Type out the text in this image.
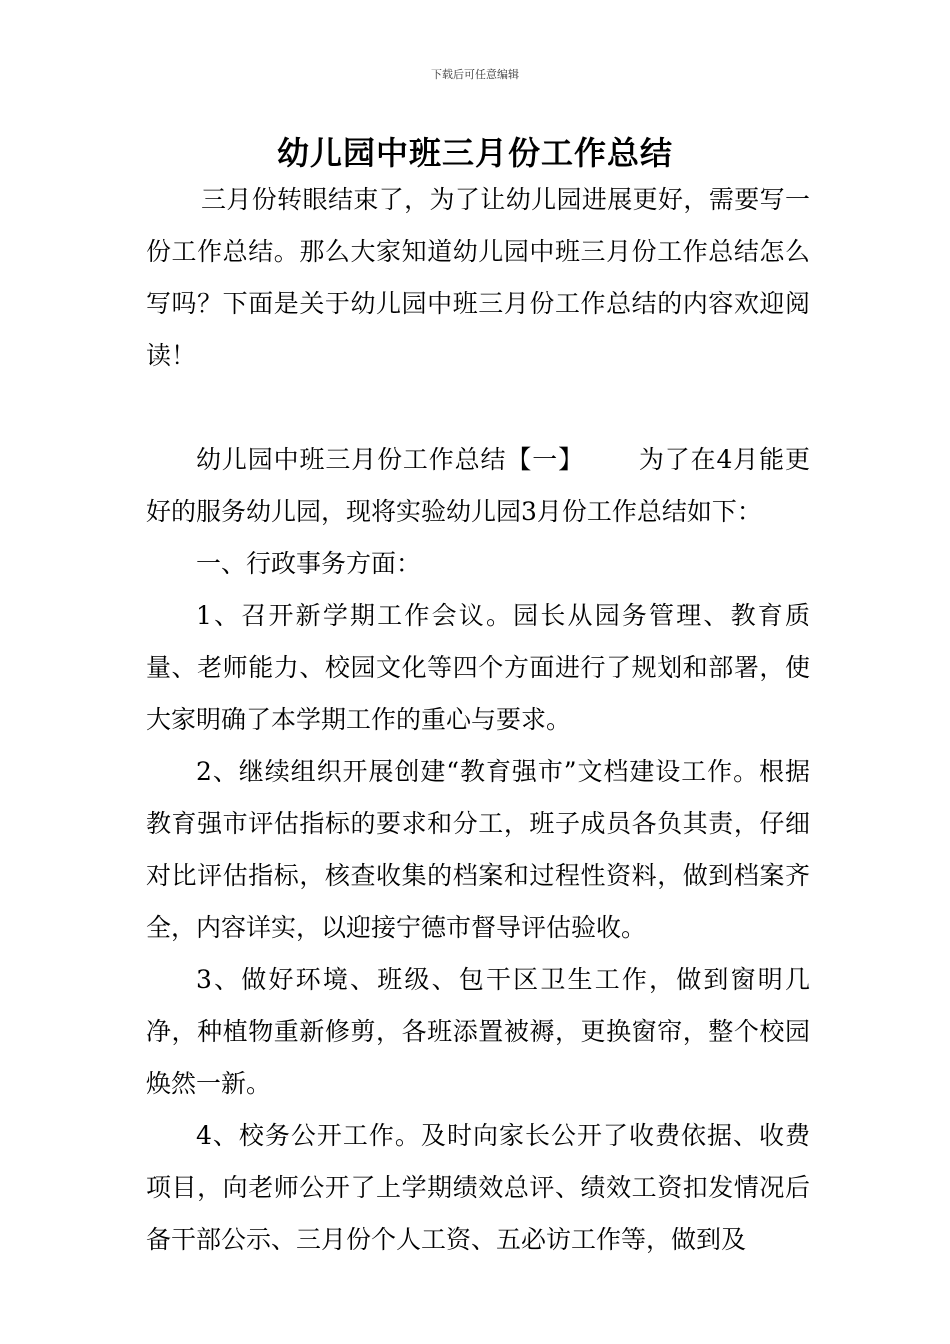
下载后可任意编辑
幼儿园中班三月份工作总结

三月份转眼结束了，为了让幼儿园进展更好，需要写一份工作总结。那么大家知道幼儿园中班三月份工作总结怎么写吗？下面是关于幼儿园中班三月份工作总结的内容欢迎阅读！

幼儿园中班三月份工作总结【一】 为了在4月能更好的服务幼儿园，现将实验幼儿园3月份工作总结如下：

一、行政事务方面：

1、召开新学期工作会议。园长从园务管理、教育质量、老师能力、校园文化等四个方面进行了规划和部署，使大家明确了本学期工作的重心与要求。

2、继续组织开展创建“教育强市”文档建设工作。根据教育强市评估指标的要求和分工，班子成员各负其责，仔细对比评估指标，核查收集的档案和过程性资料，做到档案齐全，内容详实，以迎接宁德市督导评估验收。

3、做好环境、班级、包干区卫生工作，做到窗明几净，种植物重新修剪，各班添置被褥，更换窗帘，整个校园焕然一新。

4、校务公开工作。及时向家长公开了收费依据、收费项目，向老师公开了上学期绩效总评、绩效工资扣发情况后备干部公示、三月份个人工资、五必访工作等，做到及
